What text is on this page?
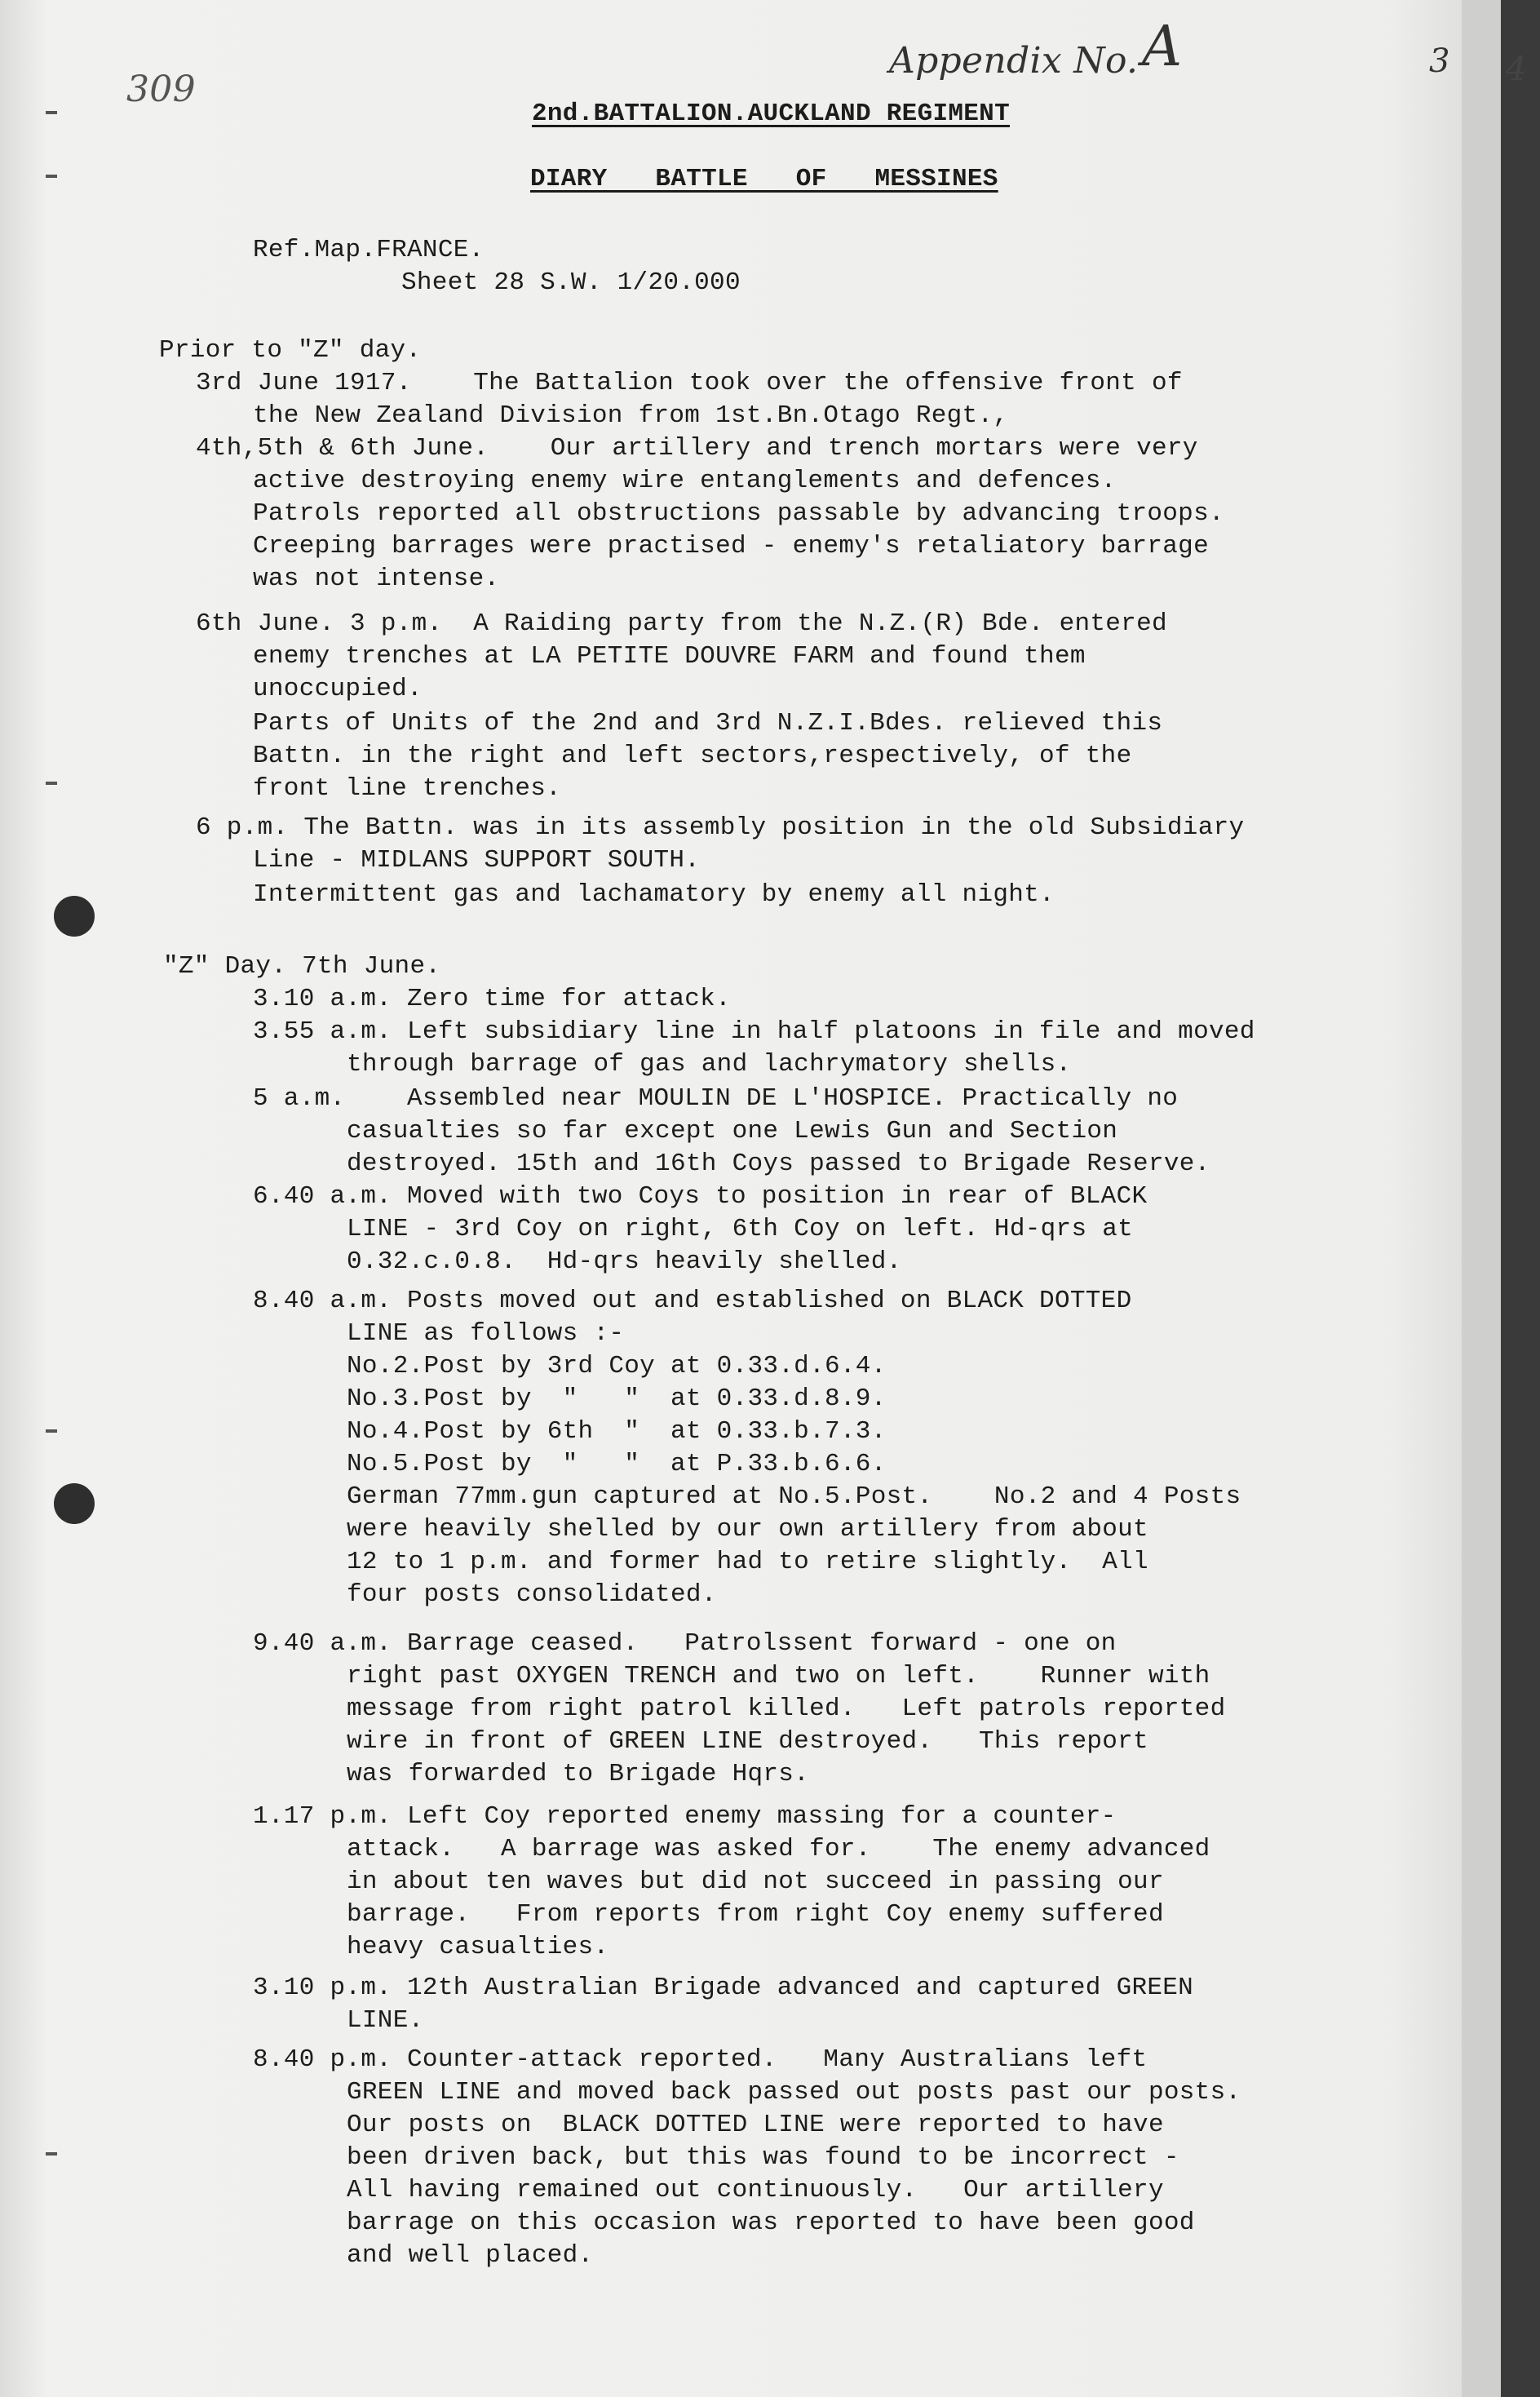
309
Appendix No. A	3 4
2nd.BATTALION.AUCKLAND REGIMENT
DIARY BATTLE OF MESSINES
Ref.Map.FRANCE.
Sheet 28 S.W. 1/20.000
Prior to "Z" day.
3rd June 1917.    The Battalion took over the offensive front of
the New Zealand Division from 1st.Bn.Otago Regt.,
4th,5th & 6th June.    Our artillery and trench mortars were very
active destroying enemy wire entanglements and defences.
Patrols reported all obstructions passable by advancing troops.
Creeping barrages were practised - enemy's retaliatory barrage
was not intense.
6th June. 3 p.m.  A Raiding party from the N.Z.(R) Bde. entered
enemy trenches at LA PETITE DOUVRE FARM and found them
unoccupied.
Parts of Units of the 2nd and 3rd N.Z.I.Bdes. relieved this
Battn. in the right and left sectors,respectively, of the
front line trenches.
6 p.m. The Battn. was in its assembly position in the old Subsidiary
Line - MIDLANS SUPPORT SOUTH.
Intermittent gas and lachamatory by enemy all night.
"Z" Day. 7th June.
3.10 a.m. Zero time for attack.
3.55 a.m. Left subsidiary line in half platoons in file and moved
through barrage of gas and lachrymatory shells.
5 a.m.    Assembled near MOULIN DE L'HOSPICE. Practically no
casualties so far except one Lewis Gun and Section
destroyed. 15th and 16th Coys passed to Brigade Reserve.
6.40 a.m. Moved with two Coys to position in rear of BLACK
LINE - 3rd Coy on right, 6th Coy on left. Hd-qrs at
0.32.c.0.8.  Hd-qrs heavily shelled.
8.40 a.m. Posts moved out and established on BLACK DOTTED
LINE as follows :-
No.2.Post by 3rd Coy at 0.33.d.6.4.
No.3.Post by  "   "  at 0.33.d.8.9.
No.4.Post by 6th  "  at 0.33.b.7.3.
No.5.Post by  "   "  at P.33.b.6.6.
German 77mm.gun captured at No.5.Post.    No.2 and 4 Posts
were heavily shelled by our own artillery from about
12 to 1 p.m. and former had to retire slightly.  All
four posts consolidated.
9.40 a.m. Barrage ceased.   Patrolssent forward - one on
right past OXYGEN TRENCH and two on left.    Runner with
message from right patrol killed.   Left patrols reported
wire in front of GREEN LINE destroyed.   This report
was forwarded to Brigade Hqrs.
1.17 p.m. Left Coy reported enemy massing for a counter-
attack.   A barrage was asked for.    The enemy advanced
in about ten waves but did not succeed in passing our
barrage.   From reports from right Coy enemy suffered
heavy casualties.
3.10 p.m. 12th Australian Brigade advanced and captured GREEN
LINE.
8.40 p.m. Counter-attack reported.   Many Australians left
GREEN LINE and moved back passed out posts past our posts.
Our posts on  BLACK DOTTED LINE were reported to have
been driven back, but this was found to be incorrect -
All having remained out continuously.   Our artillery
barrage on this occasion was reported to have been good
and well placed.
